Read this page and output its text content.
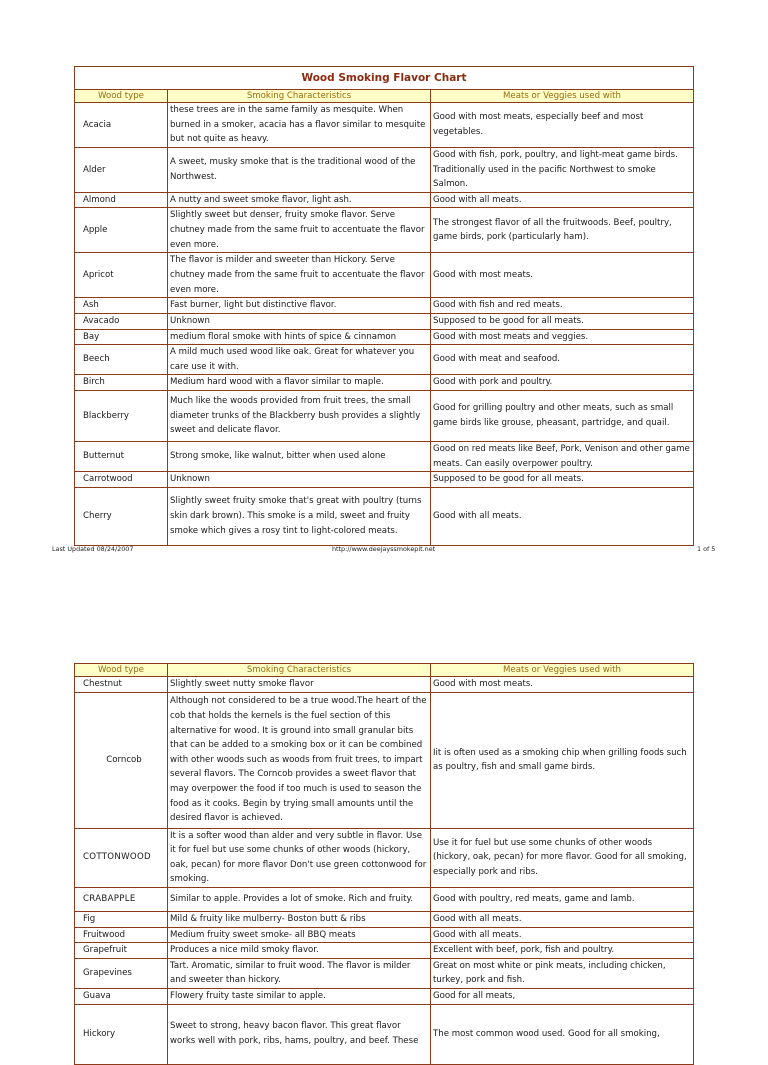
Wood Smoking Flavor Chart		
Wood type	Smoking Characteristics	Meats or Veggies used with
Acacia	these trees are in the same family as mesquite. When burned in a smoker, acacia has a flavor similar to mesquite but not quite as heavy.	Good with most meats, especially beef and most vegetables.
Alder	A sweet, musky smoke that is the traditional wood of the Northwest.	Good with fish, pork, poultry, and light-meat game birds. Traditionally used in the pacific Northwest to smoke Salmon.
Almond	A nutty and sweet smoke flavor, light ash.	Good with all meats.
Apple	Slightly sweet but denser, fruity smoke flavor. Serve chutney made from the same fruit to accentuate the flavor even more.	The strongest flavor of all the fruitwoods. Beef, poultry, game birds, pork (particularly ham).
Apricot	The flavor is milder and sweeter than Hickory. Serve chutney made from the same fruit to accentuate the flavor even more.	Good with most meats.
Ash	Fast burner, light but distinctive flavor.	Good with fish and red meats.
Avacado	Unknown	Supposed to be good for all meats.
Bay	medium floral smoke with hints of spice & cinnamon	Good with most meats and veggies.
Beech	A mild much used wood like oak. Great for whatever you care use it with.	Good with meat and seafood.
Birch	Medium hard wood with a flavor similar to maple.	Good with pork and poultry.
Blackberry	Much like the woods provided from fruit trees, the small diameter trunks of the Blackberry bush provides a slightly sweet and delicate flavor.	Good for grilling poultry and other meats, such as small game birds like grouse, pheasant, partridge, and quail.
Butternut	Strong smoke, like walnut, bitter when used alone	Good on red meats like Beef, Pork, Venison and other game meats. Can easily overpower poultry.
Carrotwood	Unknown	Supposed to be good for all meats.
Cherry	Slightly sweet fruity smoke that's great with poultry (turns skin dark brown). This smoke is a mild, sweet and fruity smoke which gives a rosy tint to light-colored meats.	Good with all meats.
Last Updated 08/24/2007	http://www.deejayssmokepit.net	1 of 5
Wood type	Smoking Characteristics	Meats or Veggies used with
Chestnut	Slightly sweet nutty smoke flavor	Good with most meats.
Corncob	Although not considered to be a true wood.The heart of the cob that holds the kernels is the fuel section of this alternative for wood. It is ground into small granular bits that can be added to a smoking box or it can be combined with other woods such as woods from fruit trees, to impart several flavors. The Corncob provides a sweet flavor that may overpower the food if too much is used to season the food as it cooks. Begin by trying small amounts until the desired flavor is achieved.	Iit is often used as a smoking chip when grilling foods such as poultry, fish and small game birds.
COTTONWOOD	It is a softer wood than alder and very subtle in flavor. Use it for fuel but use some chunks of other woods (hickory, oak, pecan) for more flavor Don't use green cottonwood for smoking.	Use it for fuel but use some chunks of other woods (hickory, oak, pecan) for more flavor. Good for all smoking, especially pork and ribs.
CRABAPPLE	Similar to apple. Provides a lot of smoke. Rich and fruity.	Good with poultry, red meats, game and lamb.
Fig	Mild & fruity like mulberry- Boston butt & ribs	Good with all meats.
Fruitwood	Medium fruity sweet smoke- all BBQ meats	Good with all meats.
Grapefruit	Produces a nice mild smoky flavor.	Excellent with beef, pork, fish and poultry.
Grapevines	Tart. Aromatic, similar to fruit wood. The flavor is milder and sweeter than hickory.	Great on most white or pink meats, including chicken, turkey, pork and fish.
Guava	Flowery fruity taste similar to apple.	Good for all meats,
Hickory	Sweet to strong, heavy bacon flavor. This great flavor works well with pork, ribs, hams, poultry, and beef. These	The most common wood used. Good for all smoking,
